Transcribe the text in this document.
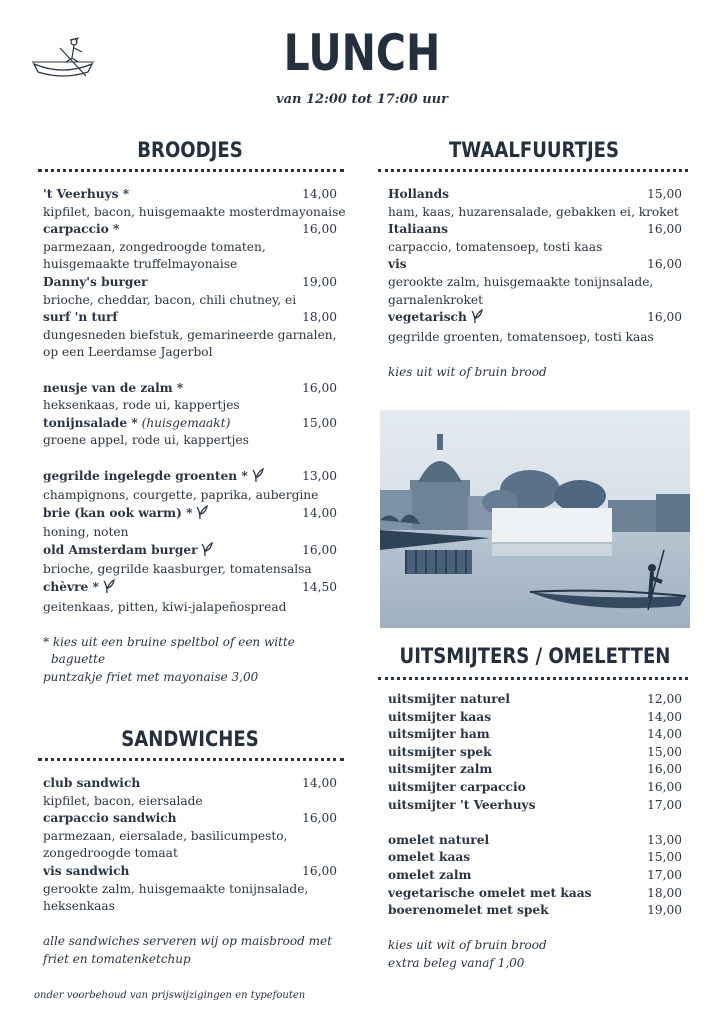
LUNCH
van 12:00 tot 17:00 uur
BROODJES
't Veerhuys *	14,00
kipfilet, bacon, huisgemaakte mosterdmayonaise
carpaccio *	16,00
parmezaan, zongedroogde tomaten,
huisgemaakte truffelmayonaise
Danny's burger	19,00
brioche, cheddar, bacon, chili chutney, ei
surf 'n turf	18,00
dungesneden biefstuk, gemarineerde garnalen,
op een Leerdamse Jagerbol
neusje van de zalm *	16,00
heksenkaas, rode ui, kappertjes
tonijnsalade * (huisgemaakt)	15,00
groene appel, rode ui, kappertjes
gegrilde ingelegde groenten *	13,00
champignons, courgette, paprika, aubergine
brie (kan ook warm) *	14,00
honing, noten
old Amsterdam burger	16,00
brioche, gegrilde kaasburger, tomatensalsa
chèvre *	14,50
geitenkaas, pitten, kiwi-jalapeñospread
* kies uit een bruine speltbol of een witte
baguette
puntzakje friet met mayonaise 3,00
SANDWICHES
club sandwich	14,00
kipfilet, bacon, eiersalade
carpaccio sandwich	16,00
parmezaan, eiersalade, basilicumpesto,
zongedroogde tomaat
vis sandwich	16,00
gerookte zalm, huisgemaakte tonijnsalade,
heksenkaas
alle sandwiches serveren wij op maisbrood met
friet en tomatenketchup
TWAALFUURTJES
Hollands	15,00
ham, kaas, huzarensalade, gebakken ei, kroket
Italiaans	16,00
carpaccio, tomatensoep, tosti kaas
vis	16,00
gerookte zalm, huisgemaakte tonijnsalade,
garnalenkroket
vegetarisch	16,00
gegrilde groenten, tomatensoep, tosti kaas
kies uit wit of bruin brood
UITSMIJTERS / OMELETTEN
uitsmijter naturel	12,00
uitsmijter kaas	14,00
uitsmijter ham	14,00
uitsmijter spek	15,00
uitsmijter zalm	16,00
uitsmijter carpaccio	16,00
uitsmijter 't Veerhuys	17,00
omelet naturel	13,00
omelet kaas	15,00
omelet zalm	17,00
vegetarische omelet met kaas	18,00
boerenomelet met spek	19,00
kies uit wit of bruin brood
extra beleg vanaf 1,00
onder voorbehoud van prijswijzigingen en typefouten
